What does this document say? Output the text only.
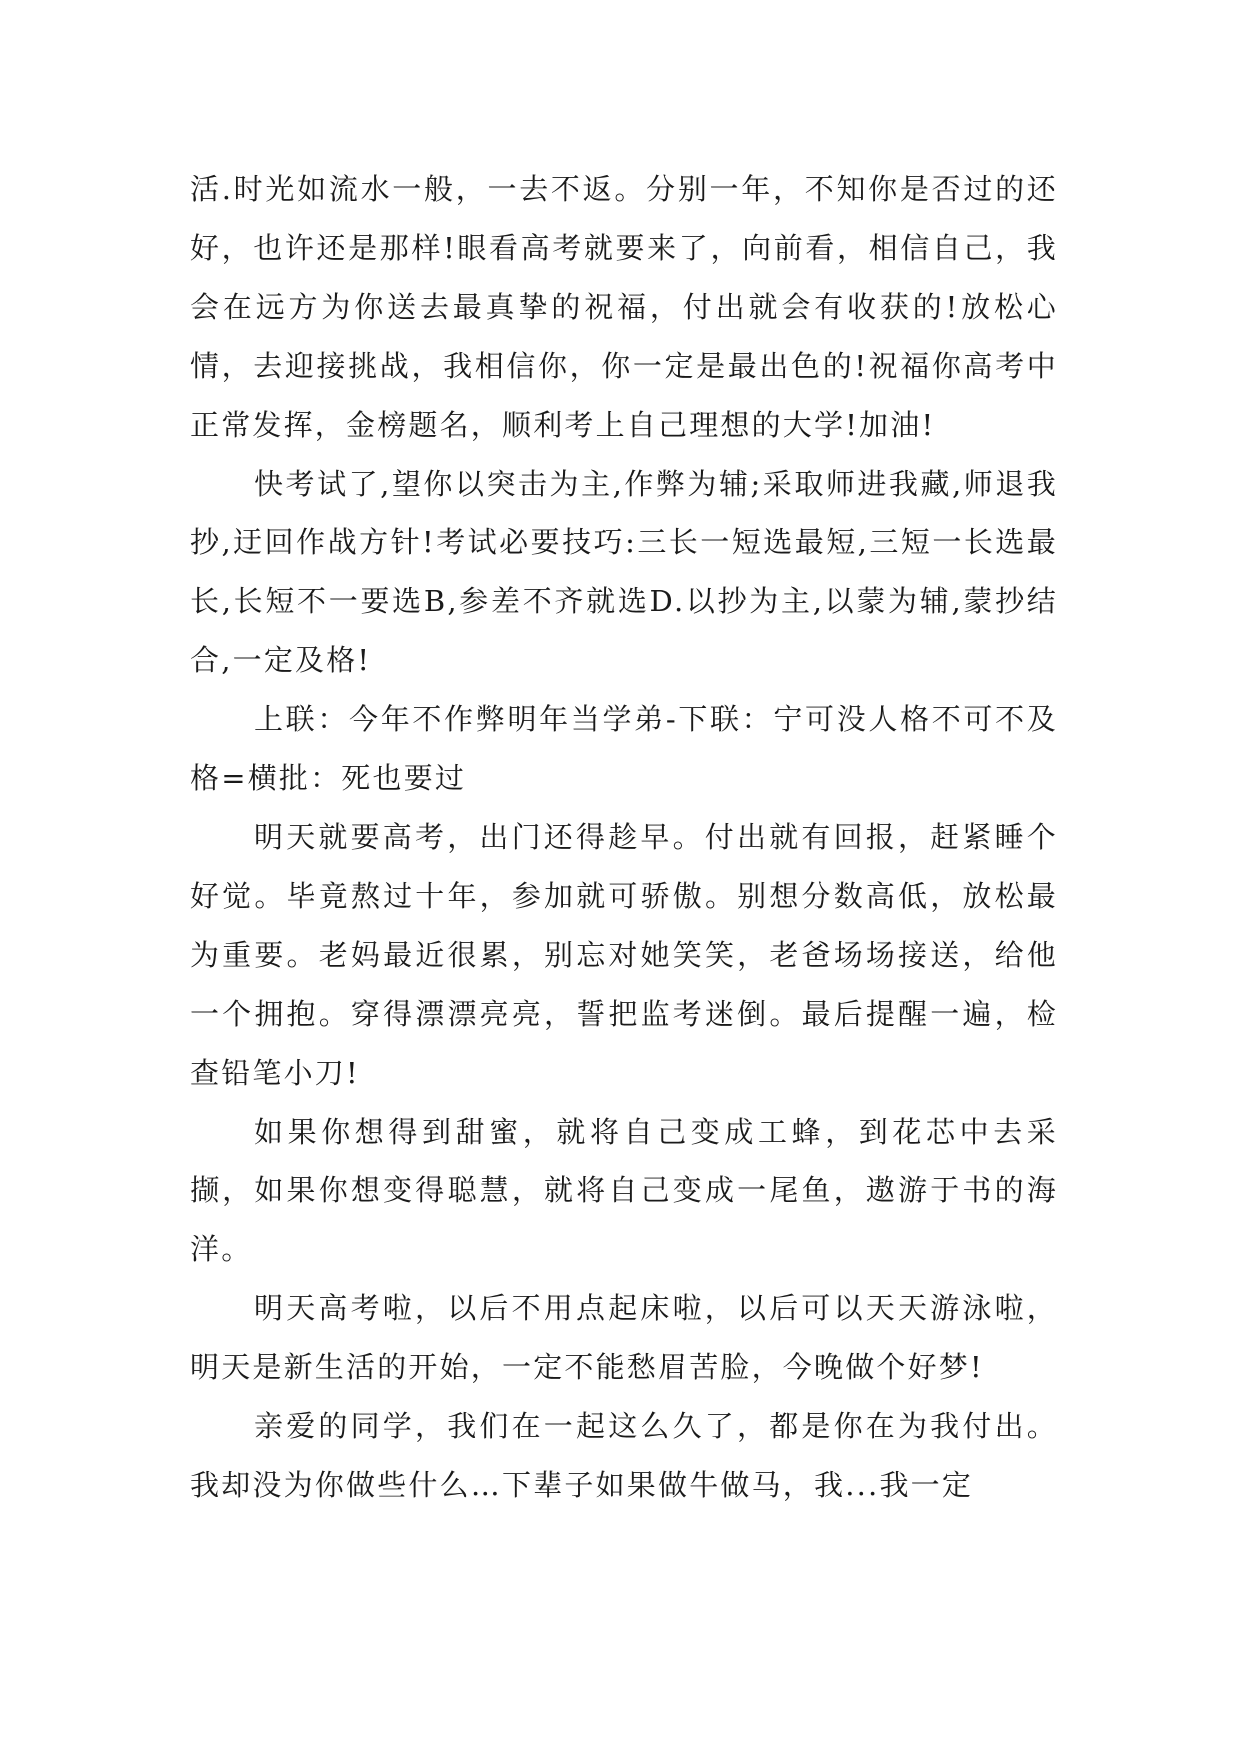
活.时光如流水一般，一去不返。分别一年，不知你是否过的还好，也许还是那样!眼看高考就要来了，向前看，相信自己，我会在远方为你送去最真挚的祝福，付出就会有收获的!放松心情，去迎接挑战，我相信你，你一定是最出色的!祝福你高考中正常发挥，金榜题名，顺利考上自己理想的大学!加油!

快考试了,望你以突击为主,作弊为辅;采取师进我藏,师退我抄,迂回作战方针!考试必要技巧:三长一短选最短,三短一长选最长,长短不一要选B,参差不齐就选D.以抄为主,以蒙为辅,蒙抄结合,一定及格!

上联：今年不作弊明年当学弟-下联：宁可没人格不可不及格=横批：死也要过

明天就要高考，出门还得趁早。付出就有回报，赶紧睡个好觉。毕竟熬过十年，参加就可骄傲。别想分数高低，放松最为重要。老妈最近很累，别忘对她笑笑，老爸场场接送，给他一个拥抱。穿得漂漂亮亮，誓把监考迷倒。最后提醒一遍，检查铅笔小刀!

如果你想得到甜蜜，就将自己变成工蜂，到花芯中去采撷，如果你想变得聪慧，就将自己变成一尾鱼，遨游于书的海洋。

明天高考啦，以后不用点起床啦，以后可以天天游泳啦，明天是新生活的开始，一定不能愁眉苦脸，今晚做个好梦!

亲爱的同学，我们在一起这么久了，都是你在为我付出。我却没为你做些什么…下辈子如果做牛做马，我...我一定
